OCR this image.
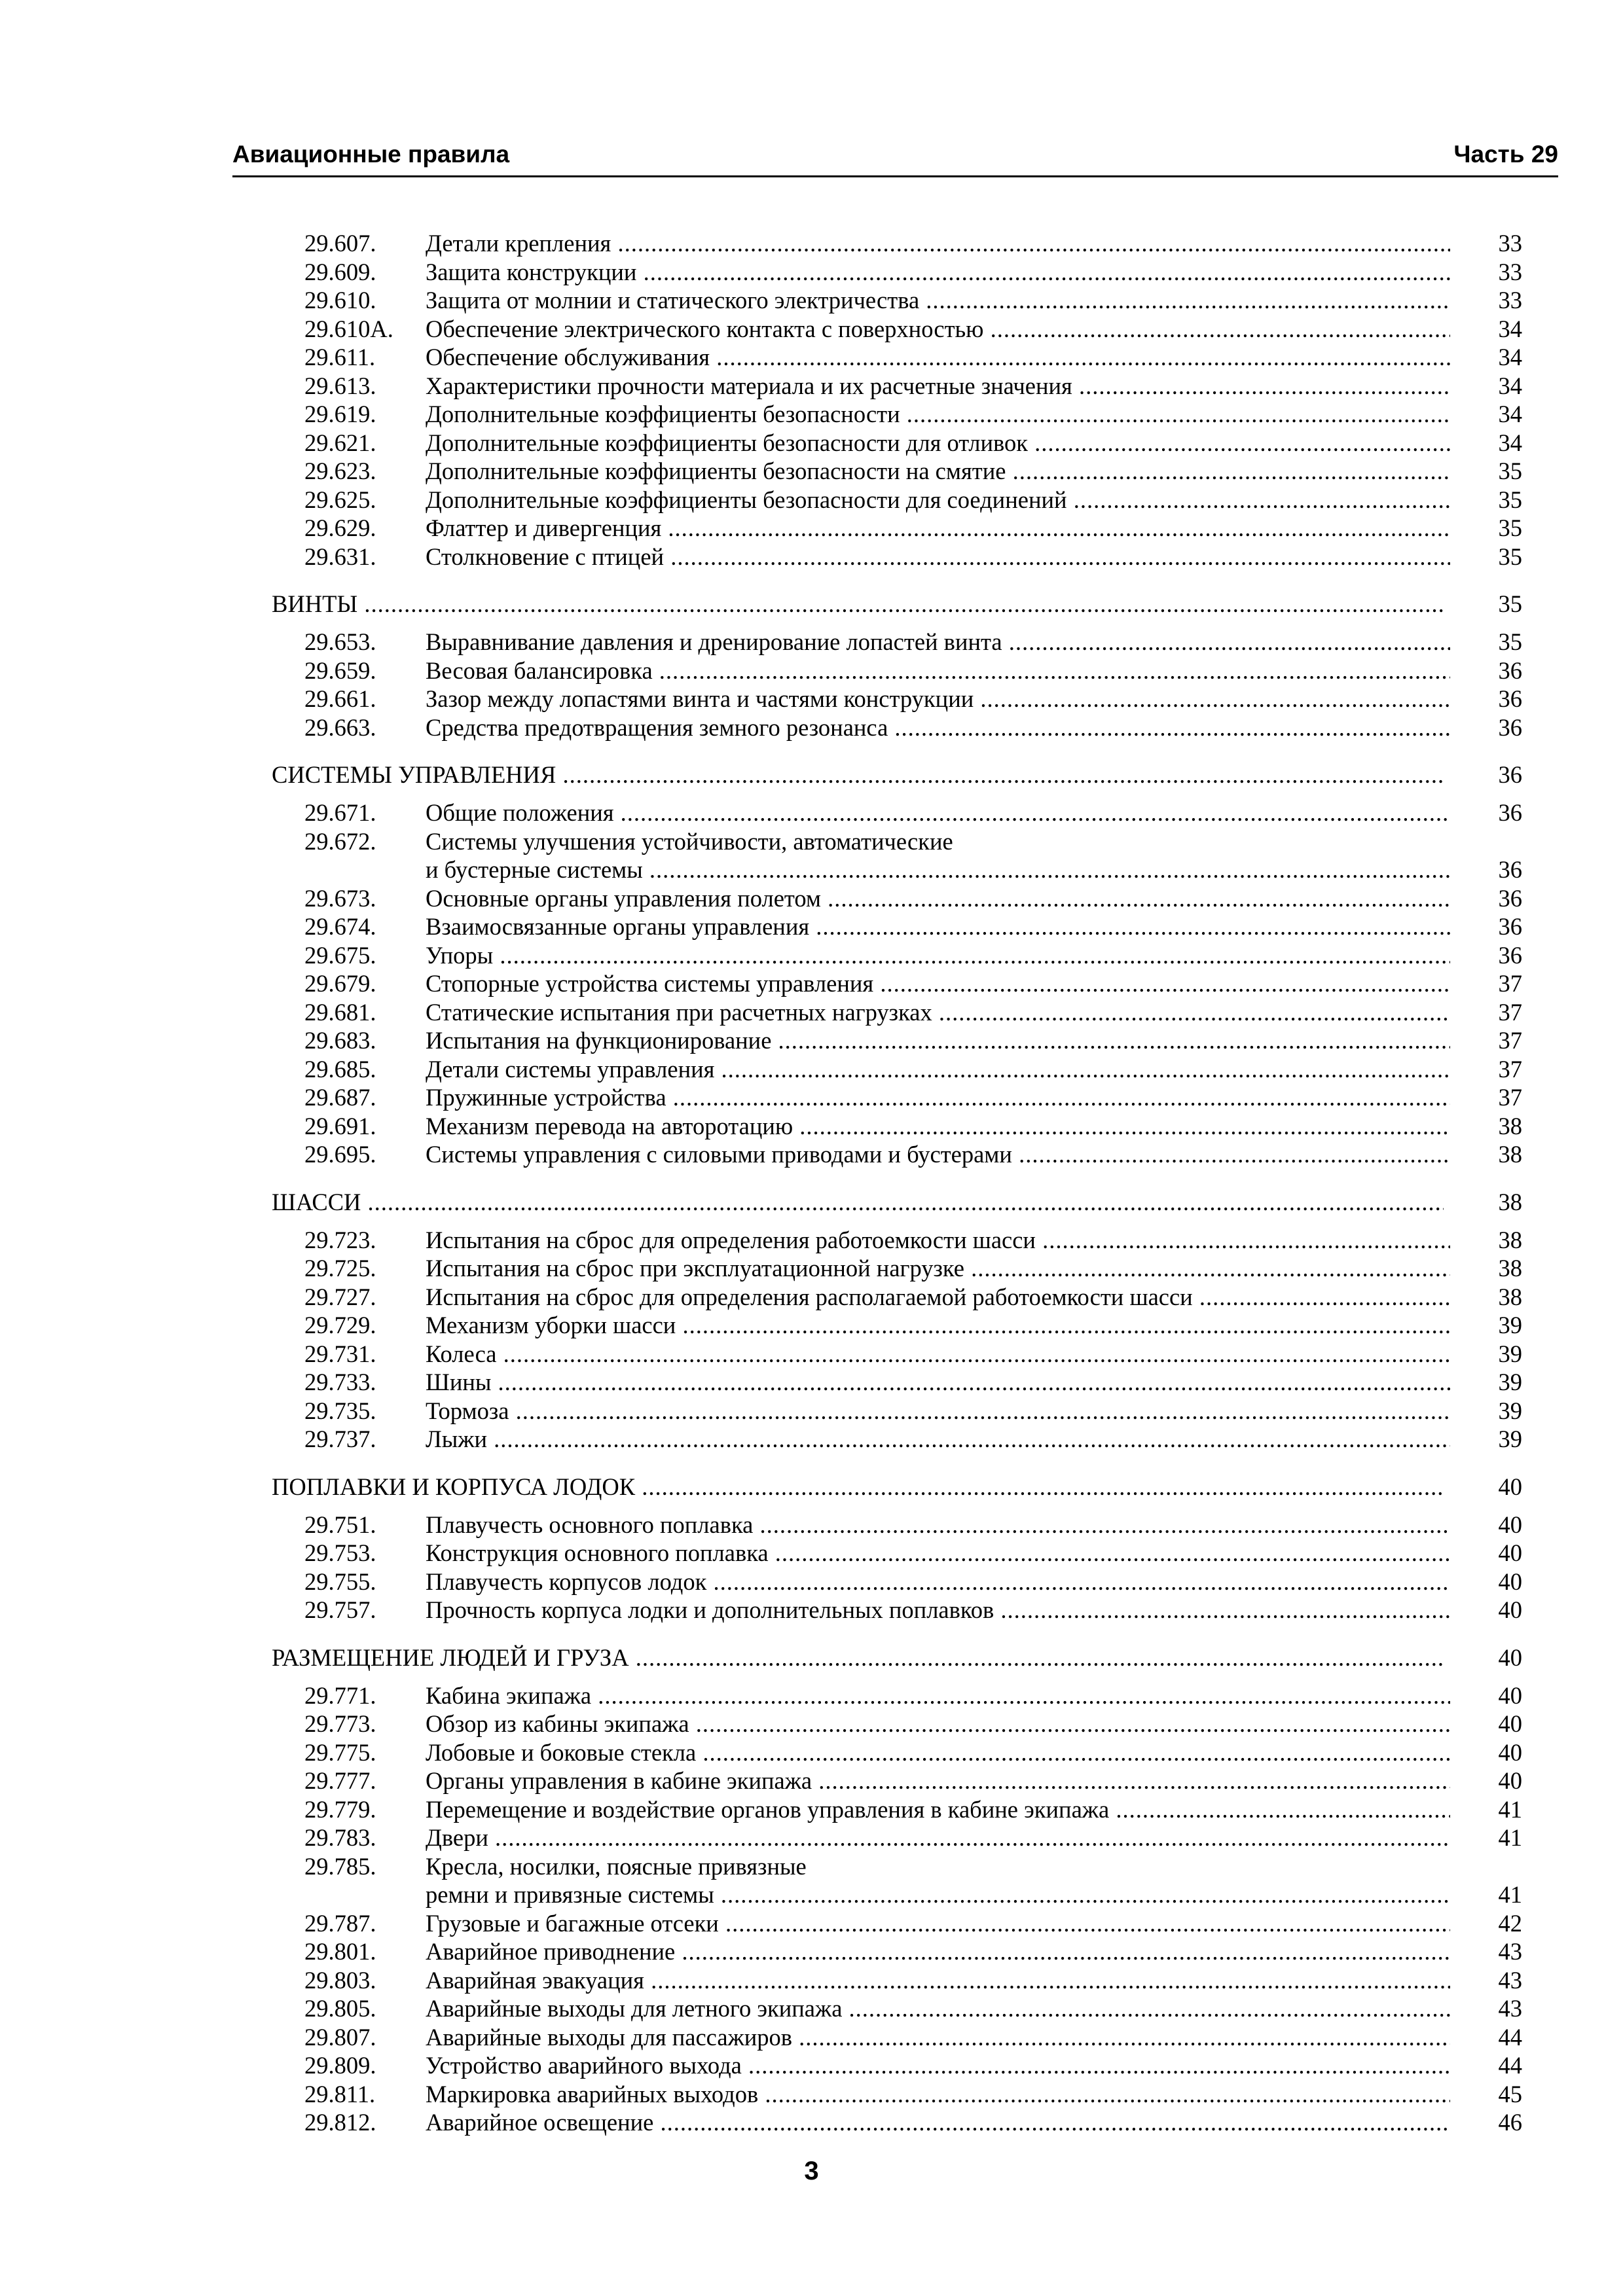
Авиационные правила	Часть 29
29.607.	Детали крепления .....	33
29.609.	Защита конструкции .....	33
29.610.	Защита от молнии и статического электричества .....	33
29.610А.	Обеспечение электрического контакта с поверхностью .....	34
29.611.	Обеспечение обслуживания .....	34
29.613.	Характеристики прочности материала и их расчетные значения .....	34
29.619.	Дополнительные коэффициенты безопасности .....	34
29.621.	Дополнительные коэффициенты безопасности для отливок .....	34
29.623.	Дополнительные коэффициенты безопасности на смятие .....	35
29.625.	Дополнительные коэффициенты безопасности для соединений .....	35
29.629.	Флаттер и дивергенция .....	35
29.631.	Столкновение с птицей .....	35
ВИНТЫ .....	35
29.653.	Выравнивание давления и дренирование лопастей винта .....	35
29.659.	Весовая балансировка .....	36
29.661.	Зазор между лопастями винта и частями конструкции .....	36
29.663.	Средства предотвращения земного резонанса .....	36
СИСТЕМЫ УПРАВЛЕНИЯ .....	36
29.671.	Общие положения .....	36
29.672.	Системы улучшения устойчивости, автоматические
и бустерные системы .....	36
29.673.	Основные органы управления полетом .....	36
29.674.	Взаимосвязанные органы управления .....	36
29.675.	Упоры .....	36
29.679.	Стопорные устройства системы управления .....	37
29.681.	Статические испытания при расчетных нагрузках .....	37
29.683.	Испытания на функционирование .....	37
29.685.	Детали системы управления .....	37
29.687.	Пружинные устройства .....	37
29.691.	Механизм перевода на авторотацию .....	38
29.695.	Системы управления с силовыми приводами и бустерами .....	38
ШАССИ .....	38
29.723.	Испытания на сброс для определения работоемкости шасси .....	38
29.725.	Испытания на сброс при эксплуатационной нагрузке .....	38
29.727.	Испытания на сброс для определения располагаемой работоемкости шасси .....	38
29.729.	Механизм уборки шасси .....	39
29.731.	Колеса .....	39
29.733.	Шины .....	39
29.735.	Тормоза .....	39
29.737.	Лыжи .....	39
ПОПЛАВКИ И КОРПУСА ЛОДОК .....	40
29.751.	Плавучесть основного поплавка .....	40
29.753.	Конструкция основного поплавка .....	40
29.755.	Плавучесть корпусов лодок .....	40
29.757.	Прочность корпуса лодки и дополнительных поплавков .....	40
РАЗМЕЩЕНИЕ ЛЮДЕЙ И ГРУЗА .....	40
29.771.	Кабина экипажа .....	40
29.773.	Обзор из кабины экипажа .....	40
29.775.	Лобовые и боковые стекла .....	40
29.777.	Органы управления в кабине экипажа .....	40
29.779.	Перемещение и воздействие органов управления в кабине экипажа .....	41
29.783.	Двери .....	41
29.785.	Кресла, носилки, поясные привязные
ремни и привязные системы .....	41
29.787.	Грузовые и багажные отсеки .....	42
29.801.	Аварийное приводнение .....	43
29.803.	Аварийная эвакуация .....	43
29.805.	Аварийные выходы для летного экипажа .....	43
29.807.	Аварийные выходы для пассажиров .....	44
29.809.	Устройство аварийного выхода .....	44
29.811.	Маркировка аварийных выходов .....	45
29.812.	Аварийное освещение .....	46
3
